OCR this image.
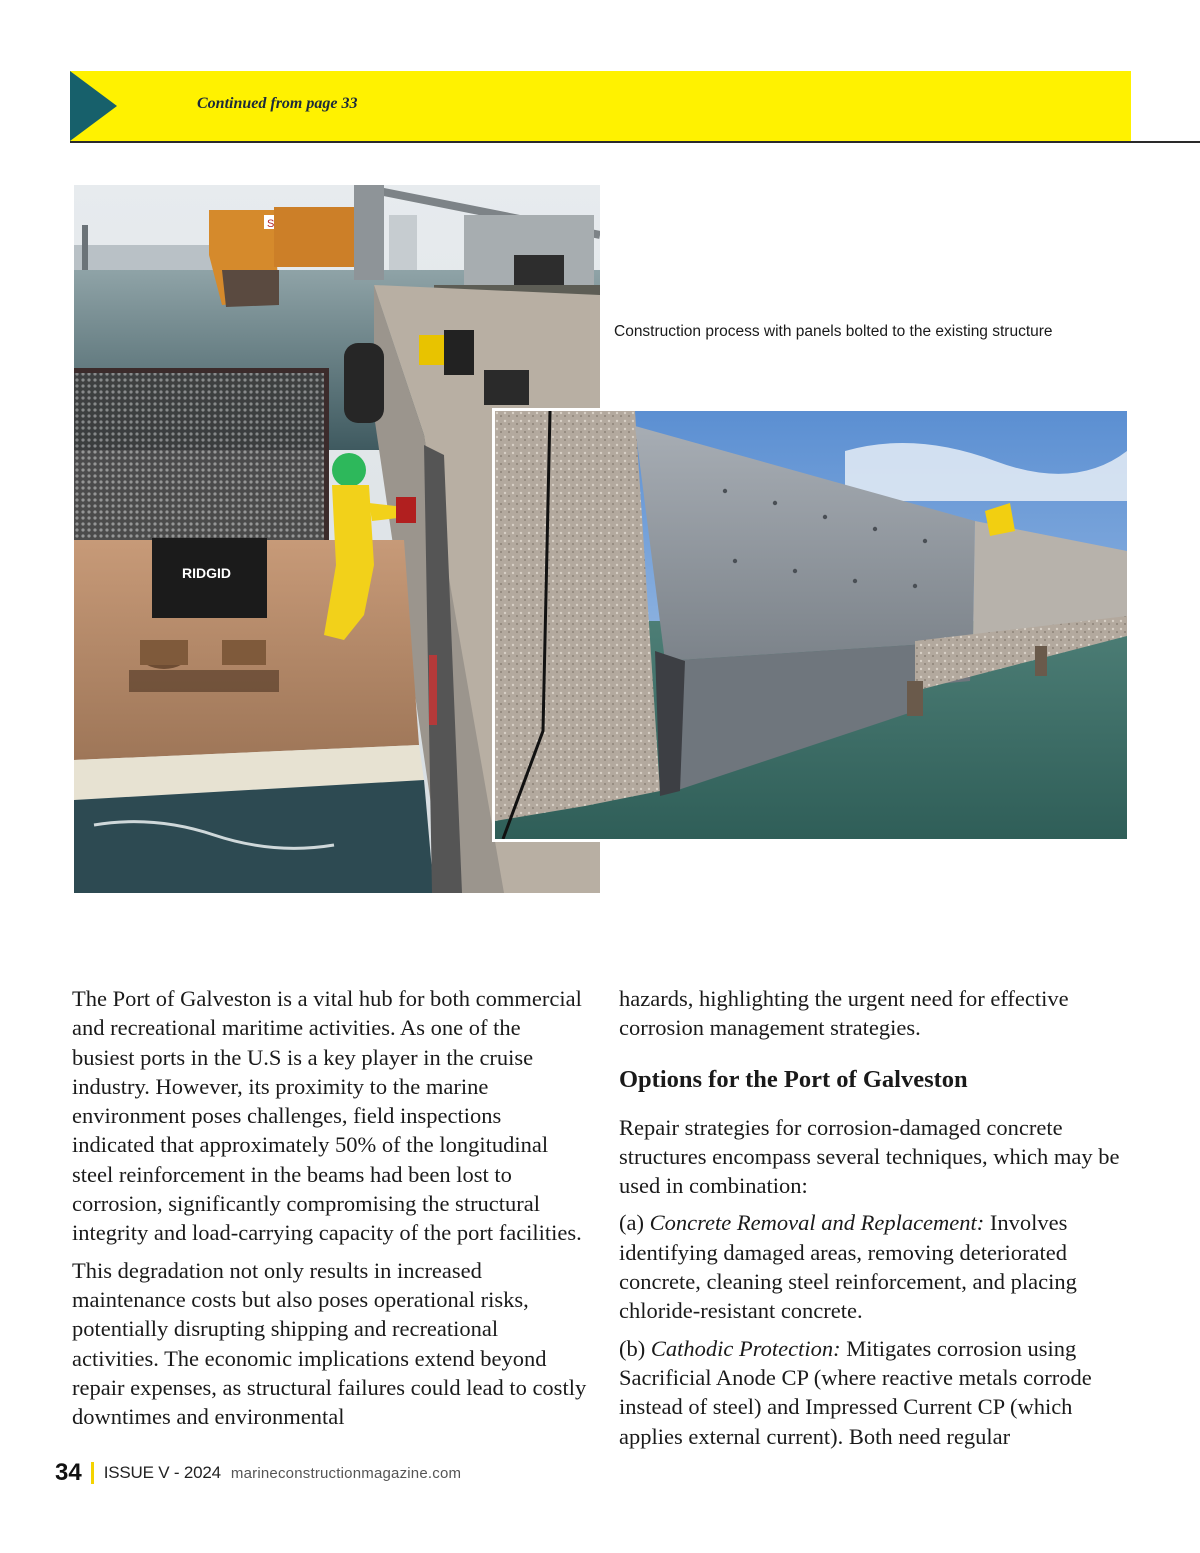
Continued from page 33
S
RIDGID
Construction process with panels bolted to the existing structure

The Port of Galveston is a vital hub for both commercial and recreational maritime activities. As one of the busiest ports in the U.S is a key player in the cruise industry. However, its proximity to the marine environment poses challenges, field inspections indicated that approximately 50% of the longitudinal steel reinforcement in the beams had been lost to corrosion, significantly compromising the structural integrity and load-carrying capacity of the port facilities.

This degradation not only results in increased maintenance costs but also poses operational risks, potentially disrupting shipping and recreational activities. The economic implications extend beyond repair expenses, as structural failures could lead to costly downtimes and environmental

hazards, highlighting the urgent need for effective corrosion management strategies.

Options for the Port of Galveston

Repair strategies for corrosion-damaged concrete structures encompass several techniques, which may be used in combination:

(a) Concrete Removal and Replacement: Involves identifying damaged areas, removing deteriorated concrete, cleaning steel reinforcement, and placing chloride-resistant concrete.

(b) Cathodic Protection: Mitigates corrosion using Sacrificial Anode CP (where reactive metals corrode instead of steel) and Impressed Current CP (which applies external current). Both need regular

34 ISSUE V - 2024 marineconstructionmagazine.com
